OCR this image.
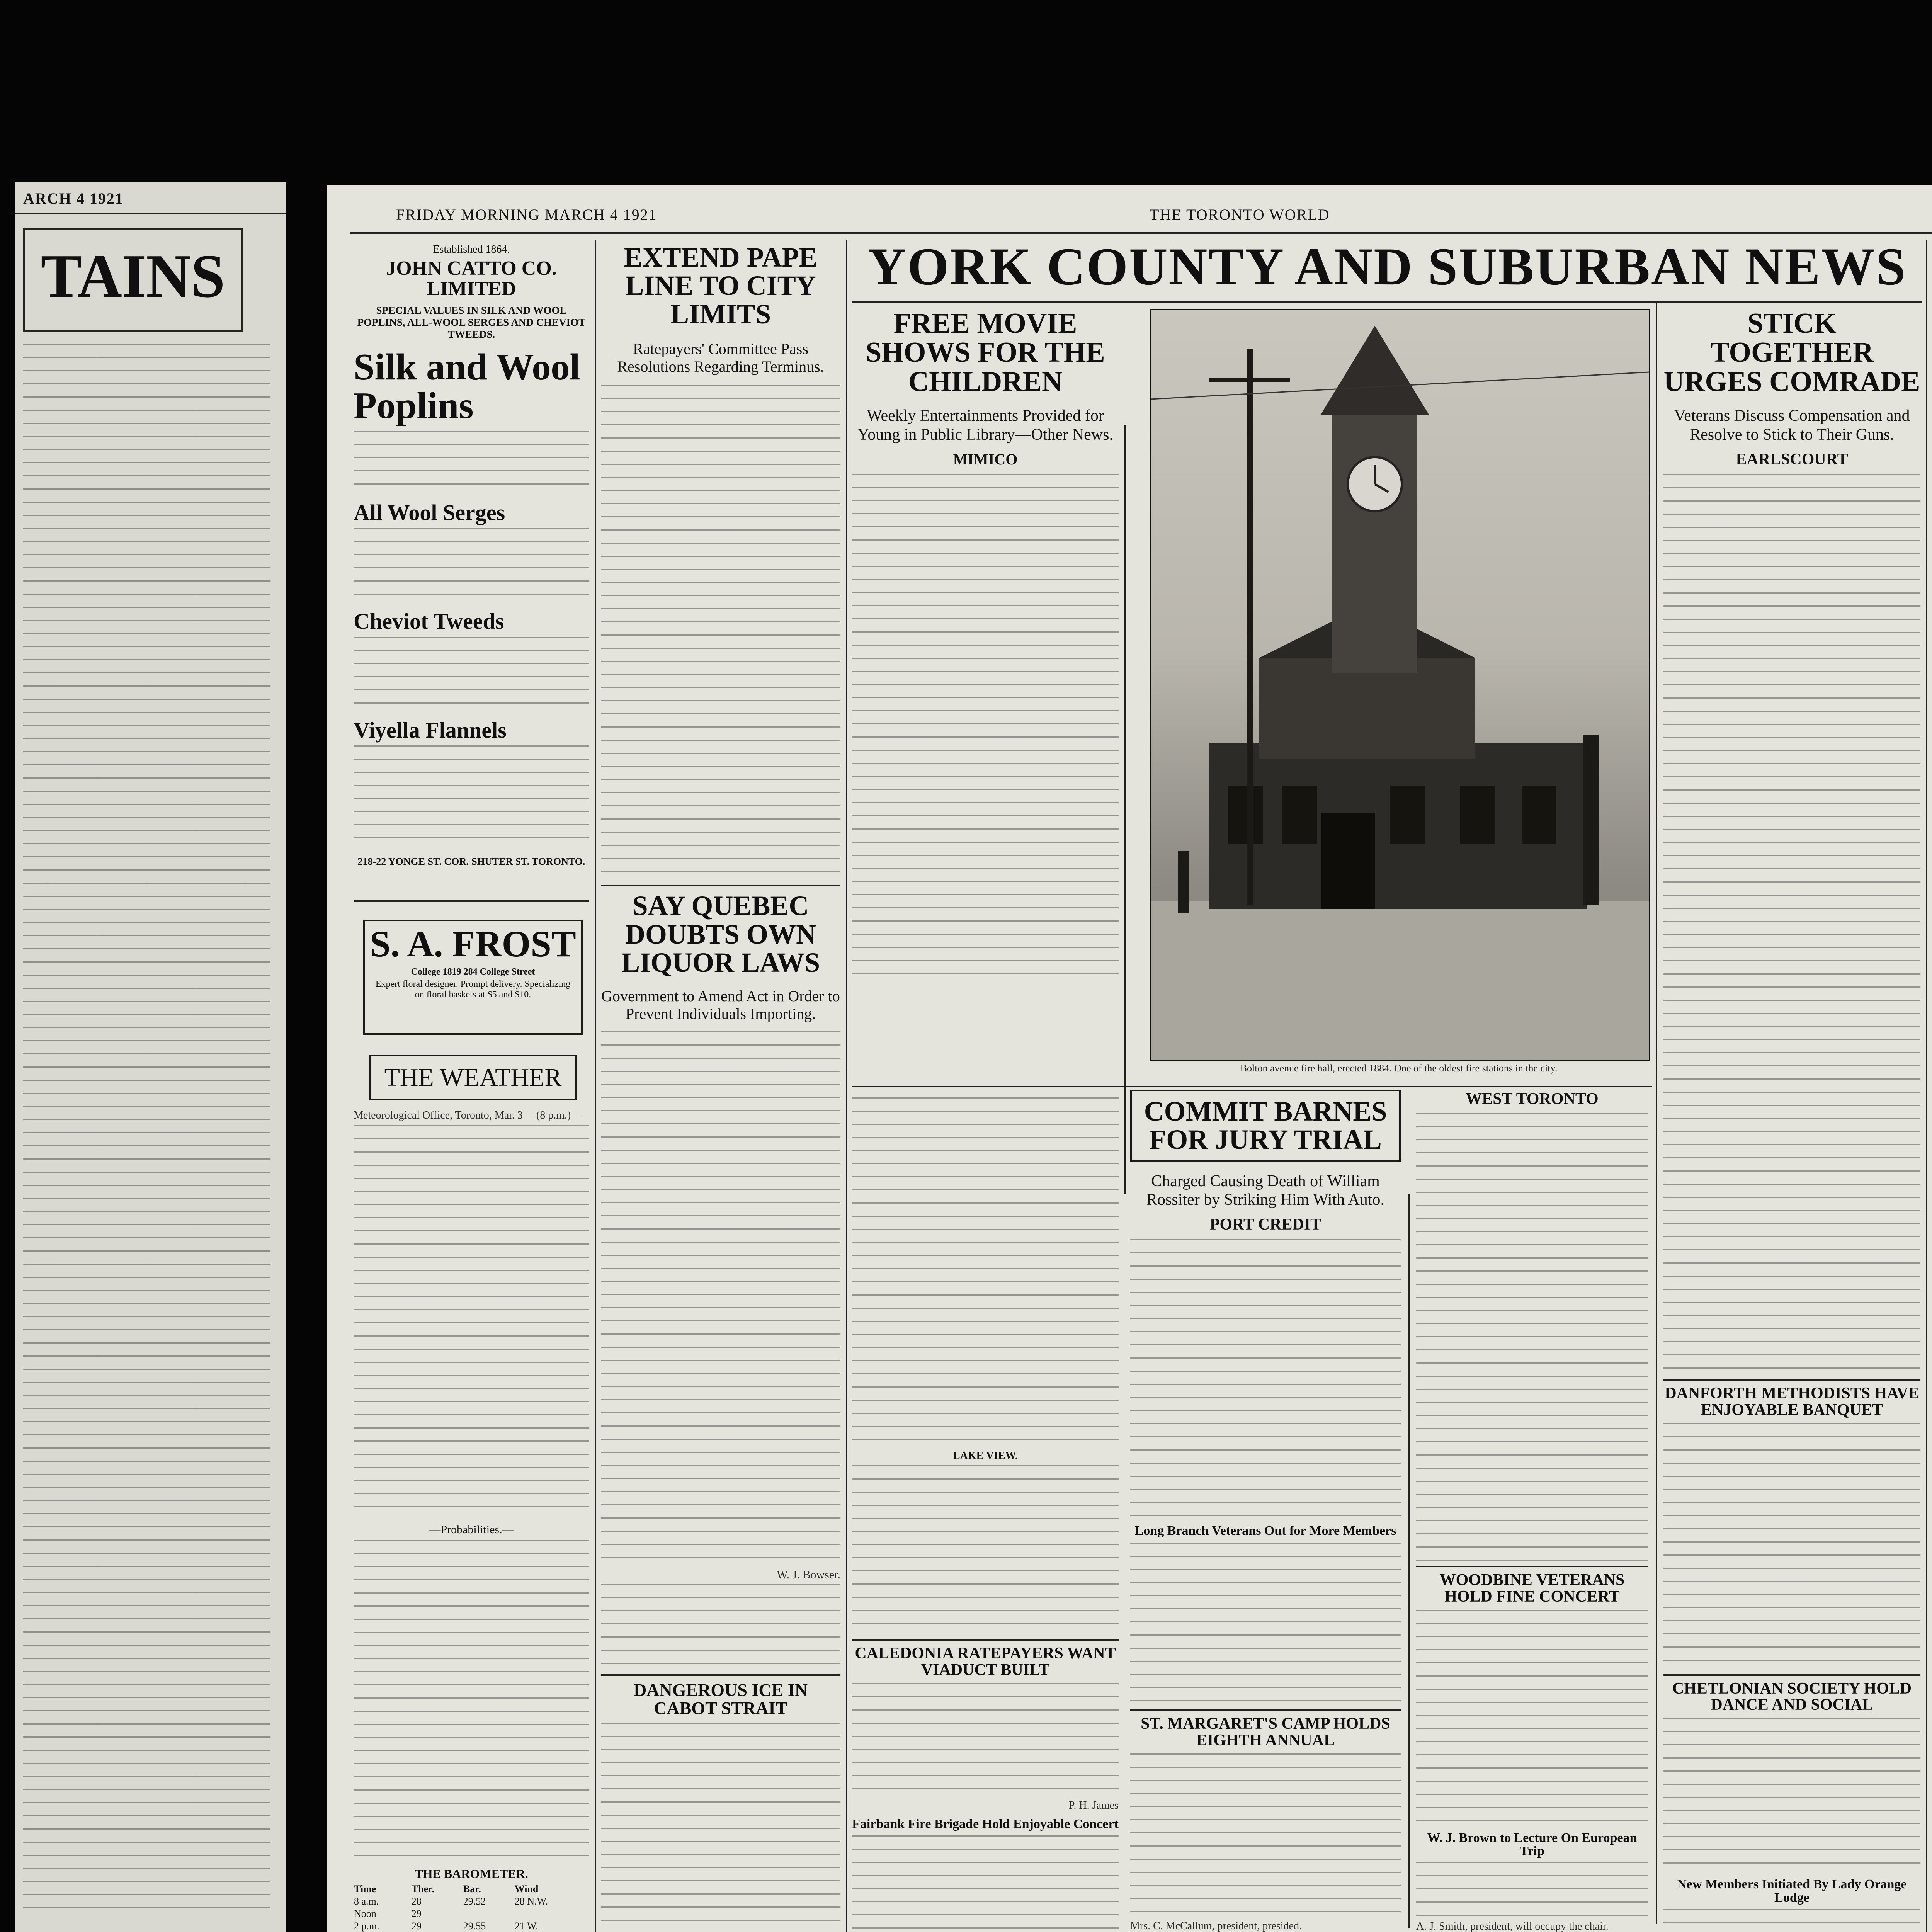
ARCH 4 1921
TAINS
FRIDAY MORNING MARCH 4 1921	THE TORONTO WORLD
YORK COUNTY AND SUBURBAN NEWS

Established 1864.

JOHN CATTO CO. LIMITED

SPECIAL VALUES IN SILK AND WOOL POPLINS, ALL-WOOL SERGES AND CHEVIOT TWEEDS.

Silk and Wool Poplins

All Wool Serges

Cheviot Tweeds

Viyella Flannels

218-22 YONGE ST. COR. SHUTER ST. TORONTO.

S. A. FROST

College 1819 284 College Street

Expert floral designer. Prompt delivery. Specializing on floral baskets at $5 and $10.

THE WEATHER

Meteorological Office, Toronto, Mar. 3 —(8 p.m.)—

—Probabilities.—

THE BAROMETER.

Time	Ther.	Bar.	Wind
8 a.m.	28	29.52	28 N.W.
Noon	29		
2 p.m.	29	29.55	21 W.

EXTEND PAPE LINE TO CITY LIMITS

Ratepayers' Committee Pass Resolutions Regarding Terminus.

SAY QUEBEC DOUBTS OWN LIQUOR LAWS

Government to Amend Act in Order to Prevent Individuals Importing.

W. J. Bowser.

DANGEROUS ICE IN CABOT STRAIT

FREE MOVIE SHOWS FOR THE CHILDREN

Weekly Entertainments Provided for Young in Public Library—Other News.

MIMICO

Bolton avenue fire hall, erected 1884. One of the oldest fire stations in the city.

COMMIT BARNES FOR JURY TRIAL

Charged Causing Death of William Rossiter by Striking Him With Auto.

PORT CREDIT

Long Branch Veterans Out for More Members

ST. MARGARET'S CAMP HOLDS EIGHTH ANNUAL

Mrs. C. McCallum, president, presided.

LAKE VIEW.

CALEDONIA RATEPAYERS WANT VIADUCT BUILT

P. H. James

Fairbank Fire Brigade Hold Enjoyable Concert

WEST TORONTO

WOODBINE VETERANS HOLD FINE CONCERT

W. J. Brown to Lecture On European Trip

A. J. Smith, president, will occupy the chair.

STICK TOGETHER URGES COMRADE

Veterans Discuss Compensation and Resolve to Stick to Their Guns.

EARLSCOURT

DANFORTH METHODISTS HAVE ENJOYABLE BANQUET

CHETLONIAN SOCIETY HOLD DANCE AND SOCIAL

New Members Initiated By Lady Orange Lodge
